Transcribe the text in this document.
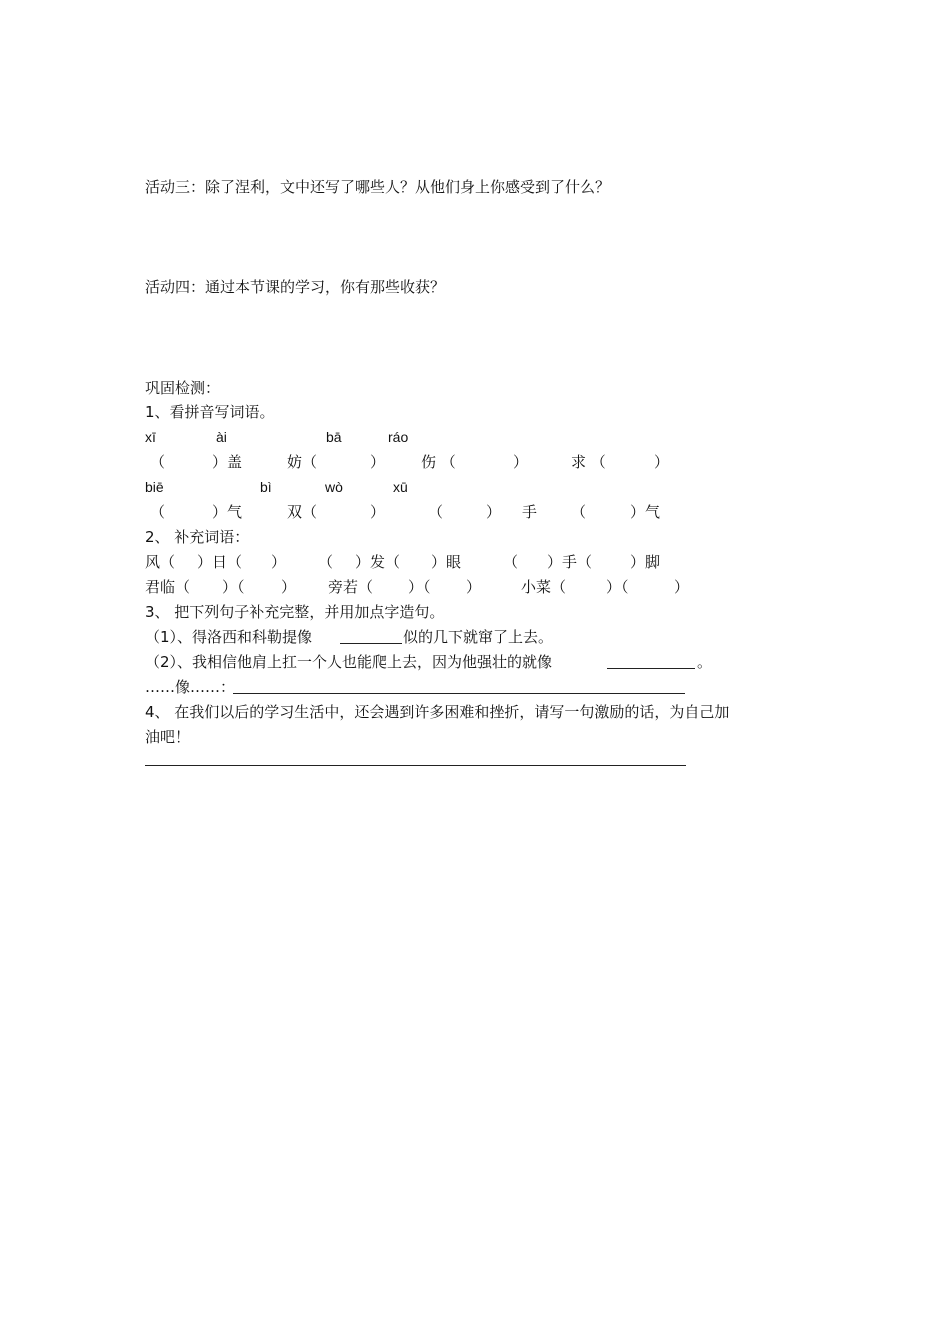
活动三：除了涅利，文中还写了哪些人？从他们身上你感受到了什么？
活动四：通过本节课的学习，你有那些收获？
巩固检测：
1、看拼音写词语。
xī	ài	bā	ráo
（	）盖	妨（	） 伤 （	）	求 （	）
biē	bì	wò	xū
（	）气	双（	）	（	） 手 （	）气
2、 补充词语：
风（ ）日（ ） （ ）发（ ）眼	（ ）手（	）脚
君临（ ）（ ） 旁若（ ）（ ）	小菜（	）（	）
3、 把下列句子补充完整，并用加点字造句。
（1）、得洛西和科勒提像	似的几下就窜了上去。
（2）、我相信他肩上扛一个人也能爬上去，因为他强壮的就像	。
……像……：
4、 在我们以后的学习生活中，还会遇到许多困难和挫折，请写一句激励的话，为自己加
油吧！
